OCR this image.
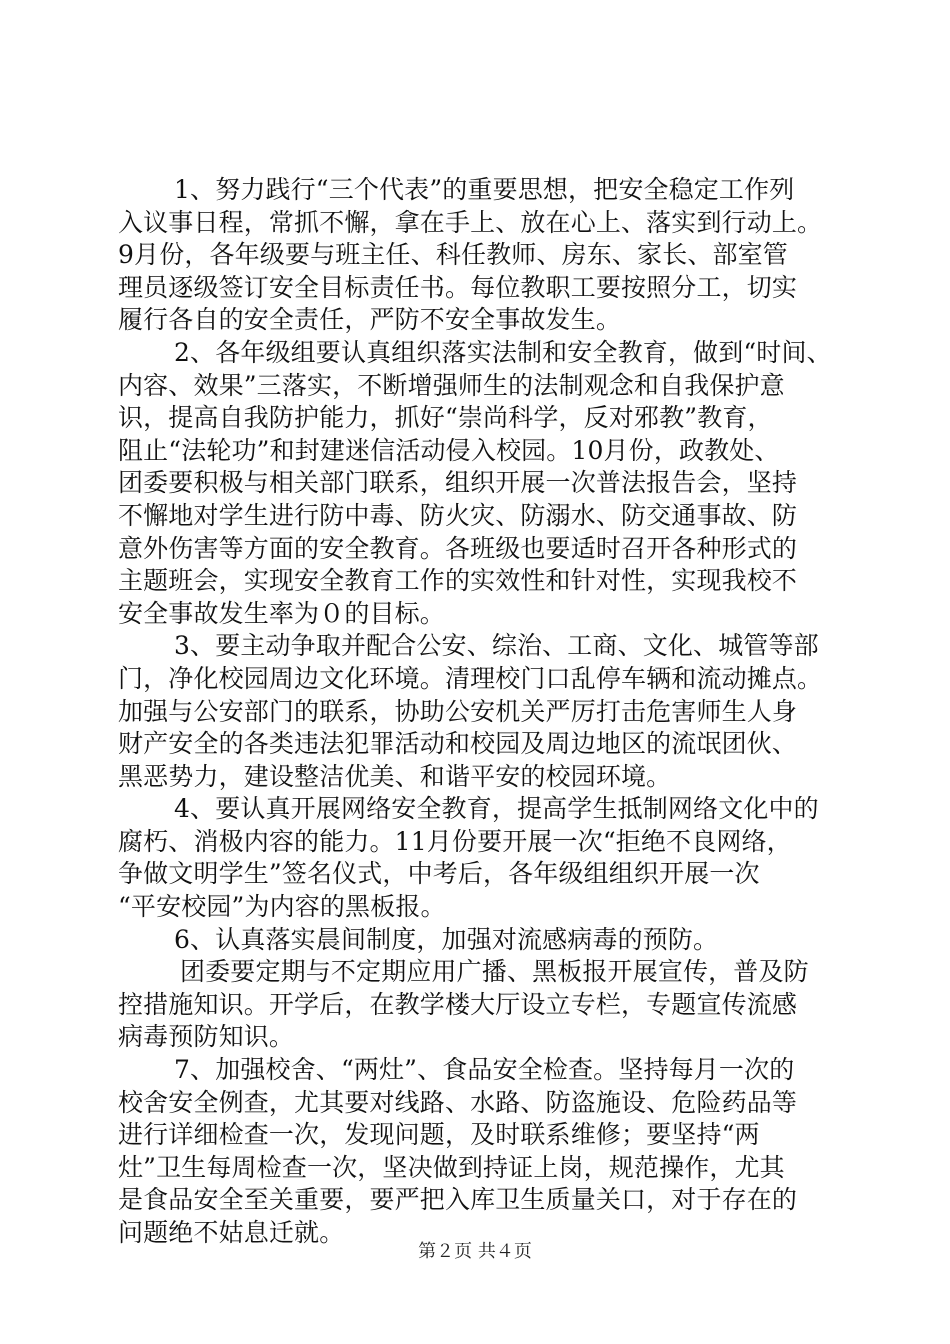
1、努力践行“三个代表”的重要思想，把安全稳定工作列
入议事日程，常抓不懈，拿在手上、放在心上、落实到行动上。
9月份，各年级要与班主任、科任教师、房东、家长、部室管
理员逐级签订安全目标责任书。每位教职工要按照分工，切实
履行各自的安全责任，严防不安全事故发生。
2、各年级组要认真组织落实法制和安全教育，做到“时间、
内容、效果”三落实，不断增强师生的法制观念和自我保护意
识，提高自我防护能力，抓好“崇尚科学，反对邪教”教育，
阻止“法轮功”和封建迷信活动侵入校园。10月份，政教处、
团委要积极与相关部门联系，组织开展一次普法报告会，坚持
不懈地对学生进行防中毒、防火灾、防溺水、防交通事故、防
意外伤害等方面的安全教育。各班级也要适时召开各种形式的
主题班会，实现安全教育工作的实效性和针对性，实现我校不
安全事故发生率为０的目标。
3、要主动争取并配合公安、综治、工商、文化、城管等部
门，净化校园周边文化环境。清理校门口乱停车辆和流动摊点。
加强与公安部门的联系，协助公安机关严厉打击危害师生人身
财产安全的各类违法犯罪活动和校园及周边地区的流氓团伙、
黑恶势力，建设整洁优美、和谐平安的校园环境。
4、要认真开展网络安全教育，提高学生抵制网络文化中的
腐朽、消极内容的能力。11月份要开展一次“拒绝不良网络，
争做文明学生”签名仪式，中考后，各年级组组织开展一次
“平安校园”为内容的黑板报。
6、认真落实晨间制度，加强对流感病毒的预防。
团委要定期与不定期应用广播、黑板报开展宣传，普及防
控措施知识。开学后，在教学楼大厅设立专栏，专题宣传流感
病毒预防知识。
7、加强校舍、“两灶”、食品安全检查。坚持每月一次的
校舍安全例查，尤其要对线路、水路、防盗施设、危险药品等
进行详细检查一次，发现问题，及时联系维修；要坚持“两
灶”卫生每周检查一次，坚决做到持证上岗，规范操作，尤其
是食品安全至关重要，要严把入库卫生质量关口，对于存在的
问题绝不姑息迁就。
第２页 共４页
